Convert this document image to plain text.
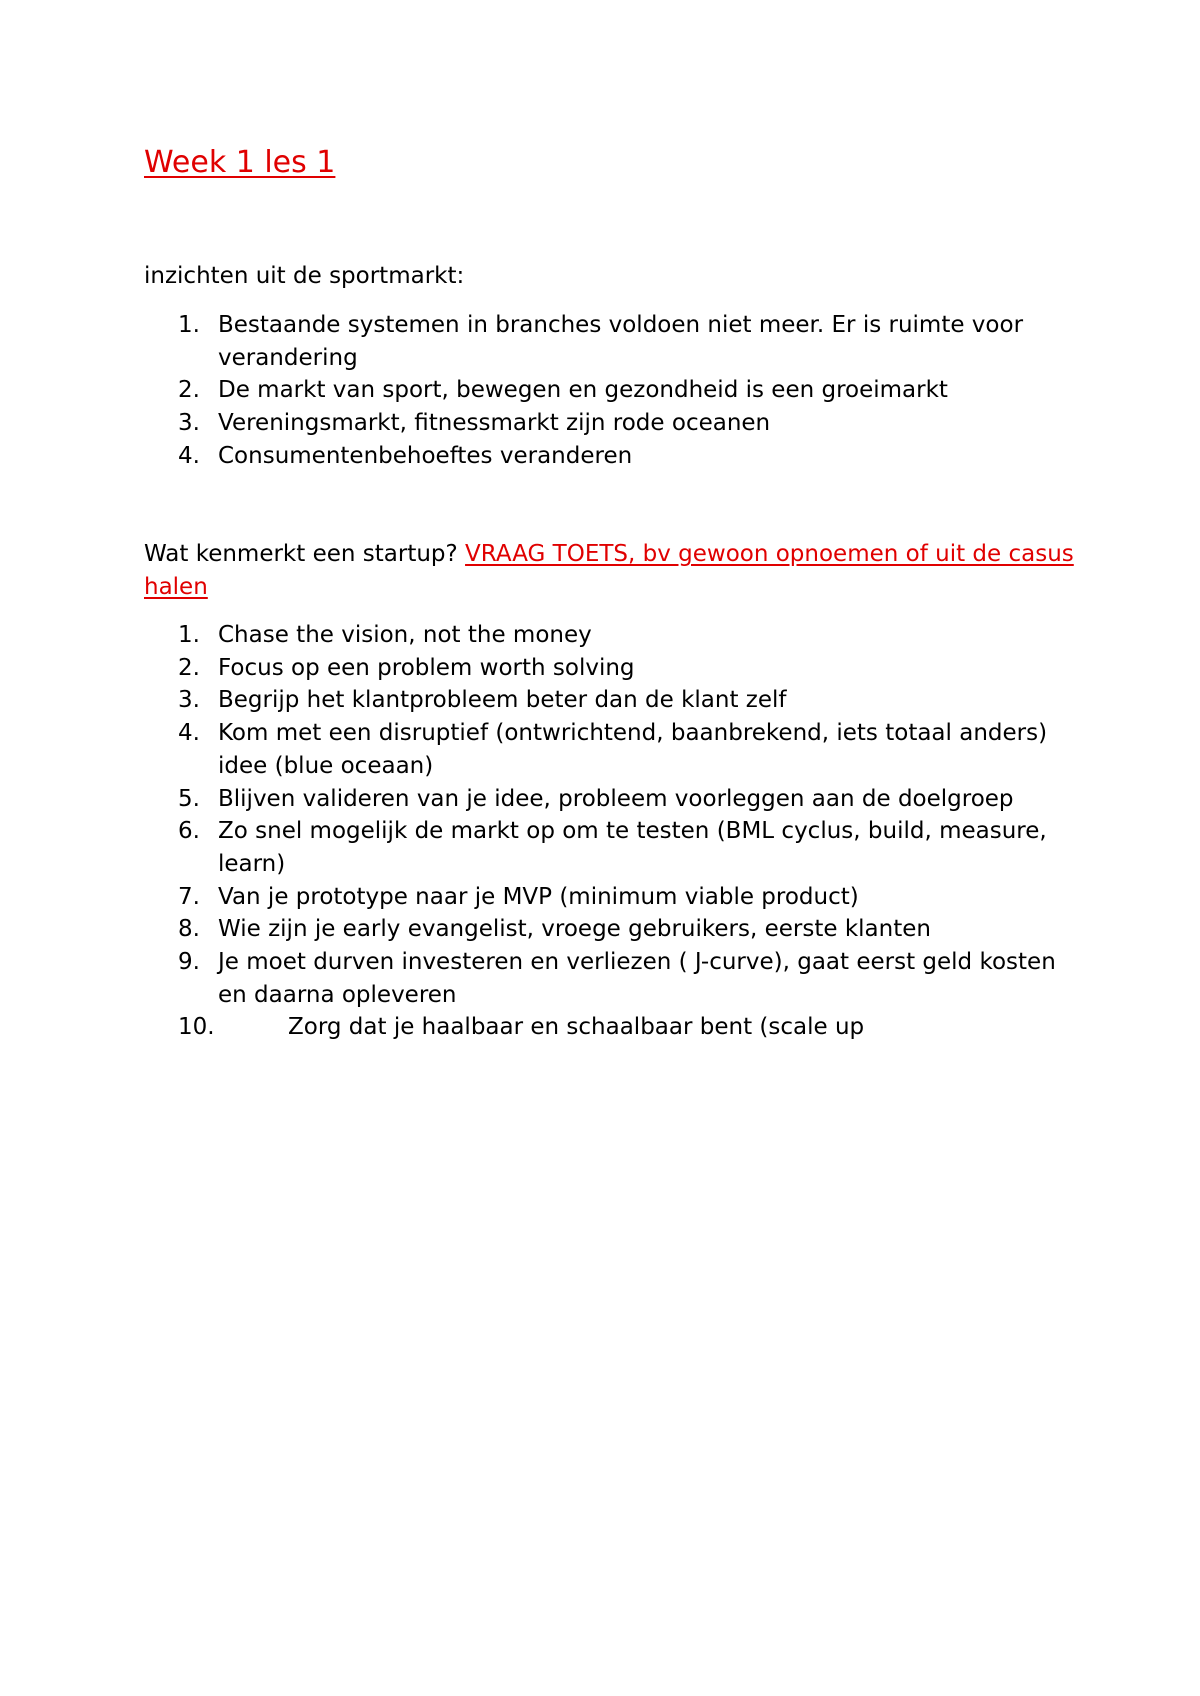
Week 1 les 1

inzichten uit de sportmarkt:

1. Bestaande systemen in branches voldoen niet meer. Er is ruimte voor verandering
2. De markt van sport, bewegen en gezondheid is een groeimarkt
3. Vereningsmarkt, fitnessmarkt zijn rode oceanen
4. Consumentenbehoeftes veranderen

Wat kenmerkt een startup? VRAAG TOETS, bv gewoon opnoemen of uit de casus halen

1. Chase the vision, not the money
2. Focus op een problem worth solving
3. Begrijp het klantprobleem beter dan de klant zelf
4. Kom met een disruptief (ontwrichtend, baanbrekend, iets totaal anders) idee (blue oceaan)
5. Blijven valideren van je idee, probleem voorleggen aan de doelgroep
6. Zo snel mogelijk de markt op om te testen (BML cyclus, build, measure, learn)
7. Van je prototype naar je MVP (minimum viable product)
8. Wie zijn je early evangelist, vroege gebruikers, eerste klanten
9. Je moet durven investeren en verliezen ( J-curve), gaat eerst geld kosten en daarna opleveren
10.	Zorg dat je haalbaar en schaalbaar bent (scale up
